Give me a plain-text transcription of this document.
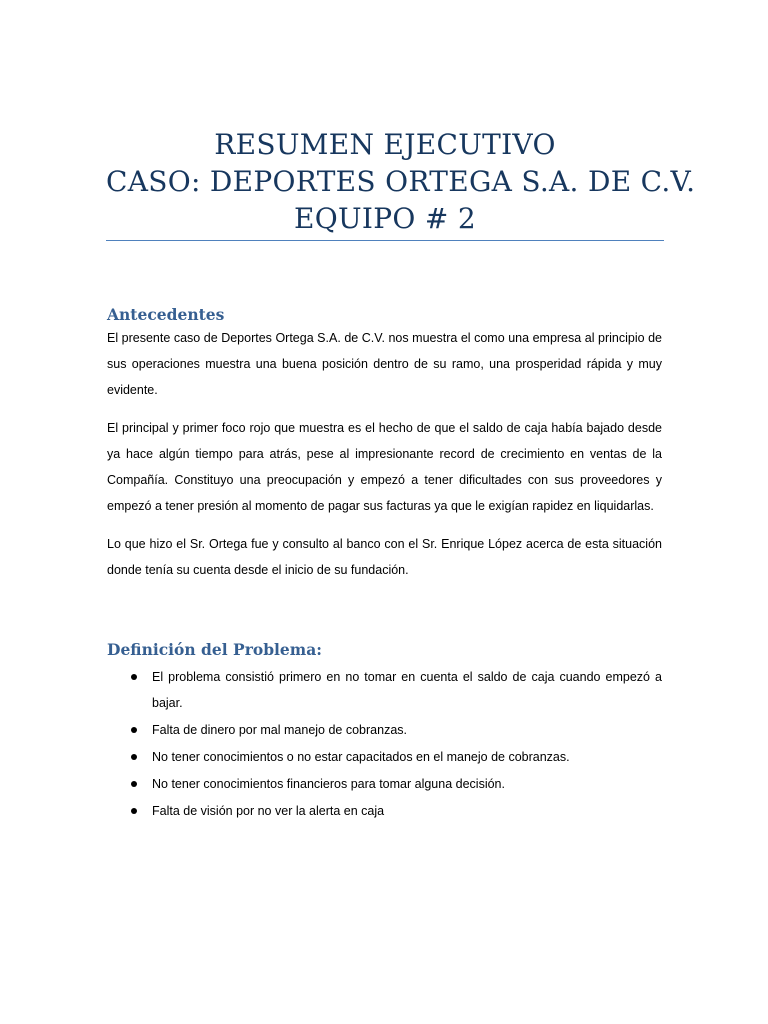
RESUMEN EJECUTIVO
CASO: DEPORTES ORTEGA S.A. DE C.V.
EQUIPO # 2
Antecedentes

El presente caso de Deportes Ortega S.A. de C.V. nos muestra el como una empresa al principio de sus operaciones muestra una buena posición dentro de su ramo, una prosperidad rápida y muy evidente.

El principal y primer foco rojo que muestra es el hecho de que el saldo de caja había bajado desde ya hace algún tiempo para atrás, pese al impresionante record de crecimiento en ventas de la Compañía. Constituyo una preocupación y empezó a tener dificultades con sus proveedores y empezó a tener presión al momento de pagar sus facturas ya que le exigían rapidez en liquidarlas.

Lo que hizo el Sr. Ortega fue y consulto al banco con el Sr. Enrique López acerca de esta situación donde tenía su cuenta desde el inicio de su fundación.

Definición del Problema:
El problema consistió primero en no tomar en cuenta el saldo de caja cuando empezó a bajar.
Falta de dinero por mal manejo de cobranzas.
No tener conocimientos o no estar capacitados en el manejo de cobranzas.
No tener conocimientos financieros para tomar alguna decisión.
Falta de visión por no ver la alerta en caja
